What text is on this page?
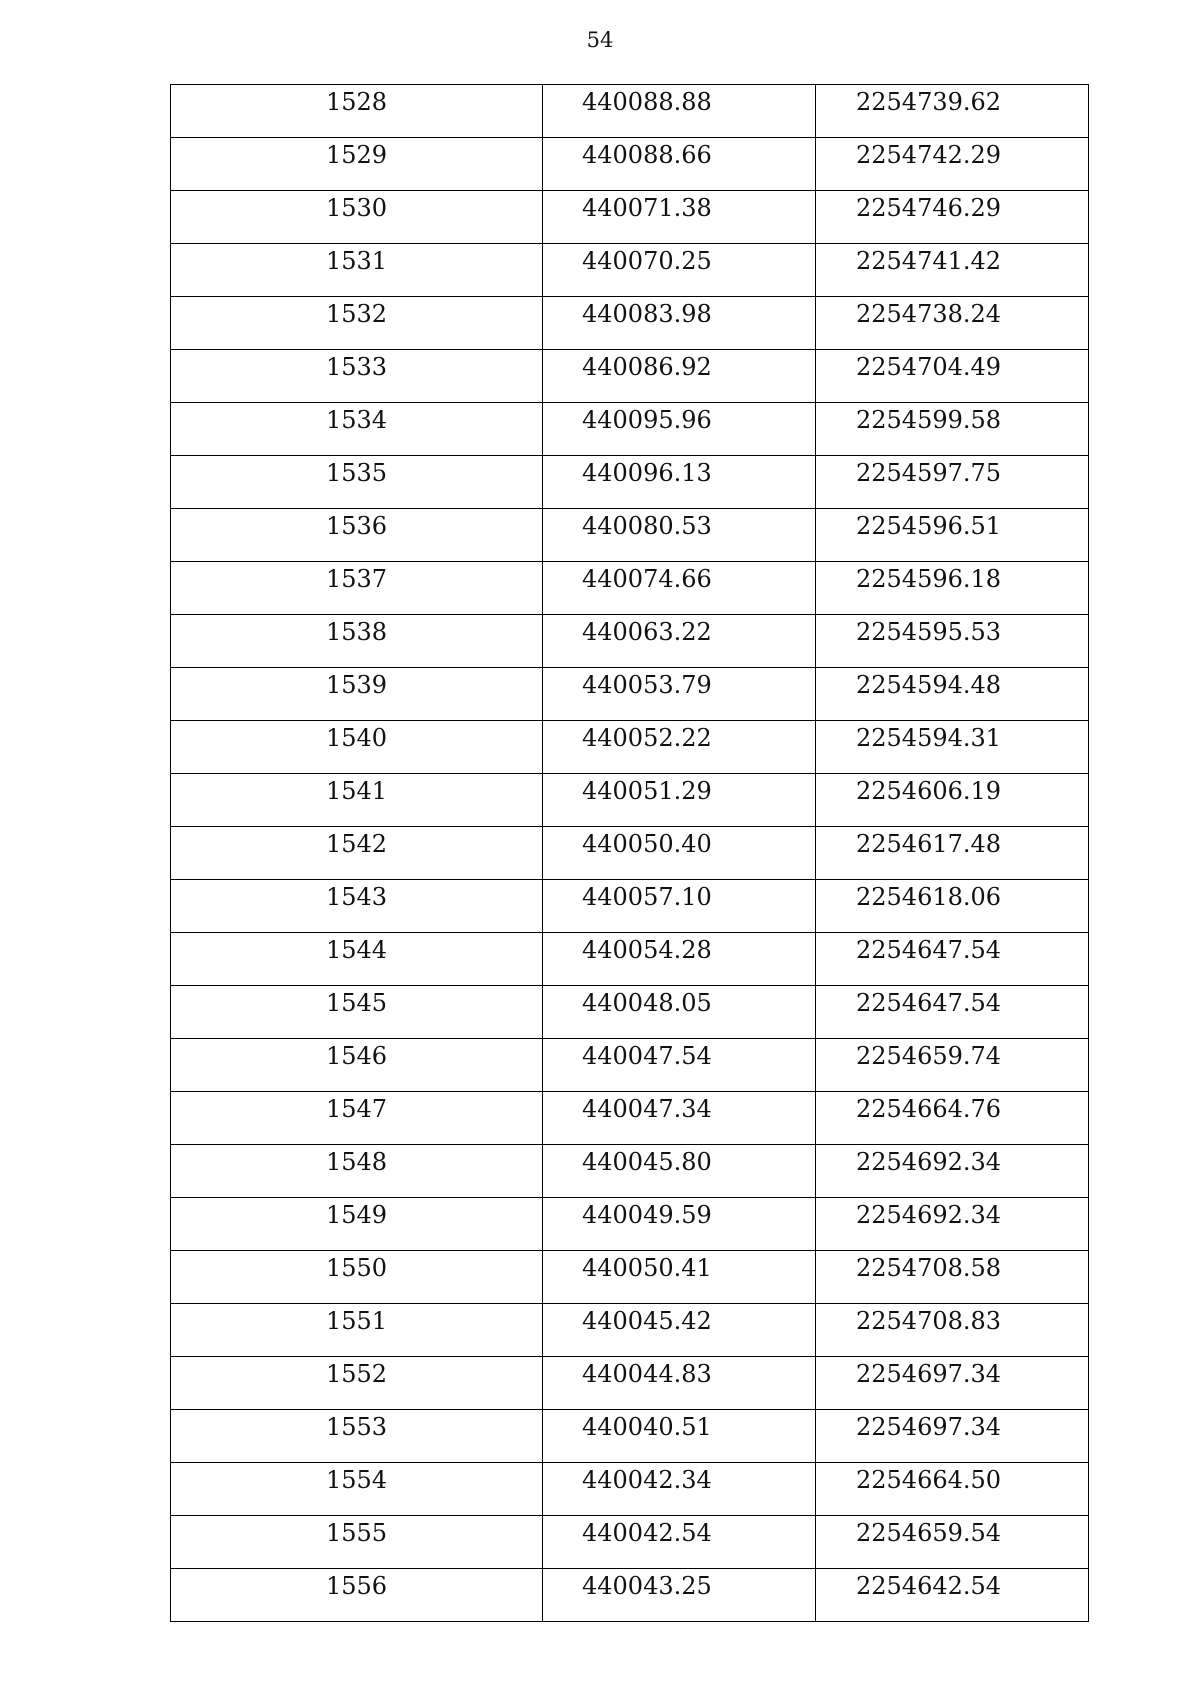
54
1528	440088.88	2254739.62
1529	440088.66	2254742.29
1530	440071.38	2254746.29
1531	440070.25	2254741.42
1532	440083.98	2254738.24
1533	440086.92	2254704.49
1534	440095.96	2254599.58
1535	440096.13	2254597.75
1536	440080.53	2254596.51
1537	440074.66	2254596.18
1538	440063.22	2254595.53
1539	440053.79	2254594.48
1540	440052.22	2254594.31
1541	440051.29	2254606.19
1542	440050.40	2254617.48
1543	440057.10	2254618.06
1544	440054.28	2254647.54
1545	440048.05	2254647.54
1546	440047.54	2254659.74
1547	440047.34	2254664.76
1548	440045.80	2254692.34
1549	440049.59	2254692.34
1550	440050.41	2254708.58
1551	440045.42	2254708.83
1552	440044.83	2254697.34
1553	440040.51	2254697.34
1554	440042.34	2254664.50
1555	440042.54	2254659.54
1556	440043.25	2254642.54
